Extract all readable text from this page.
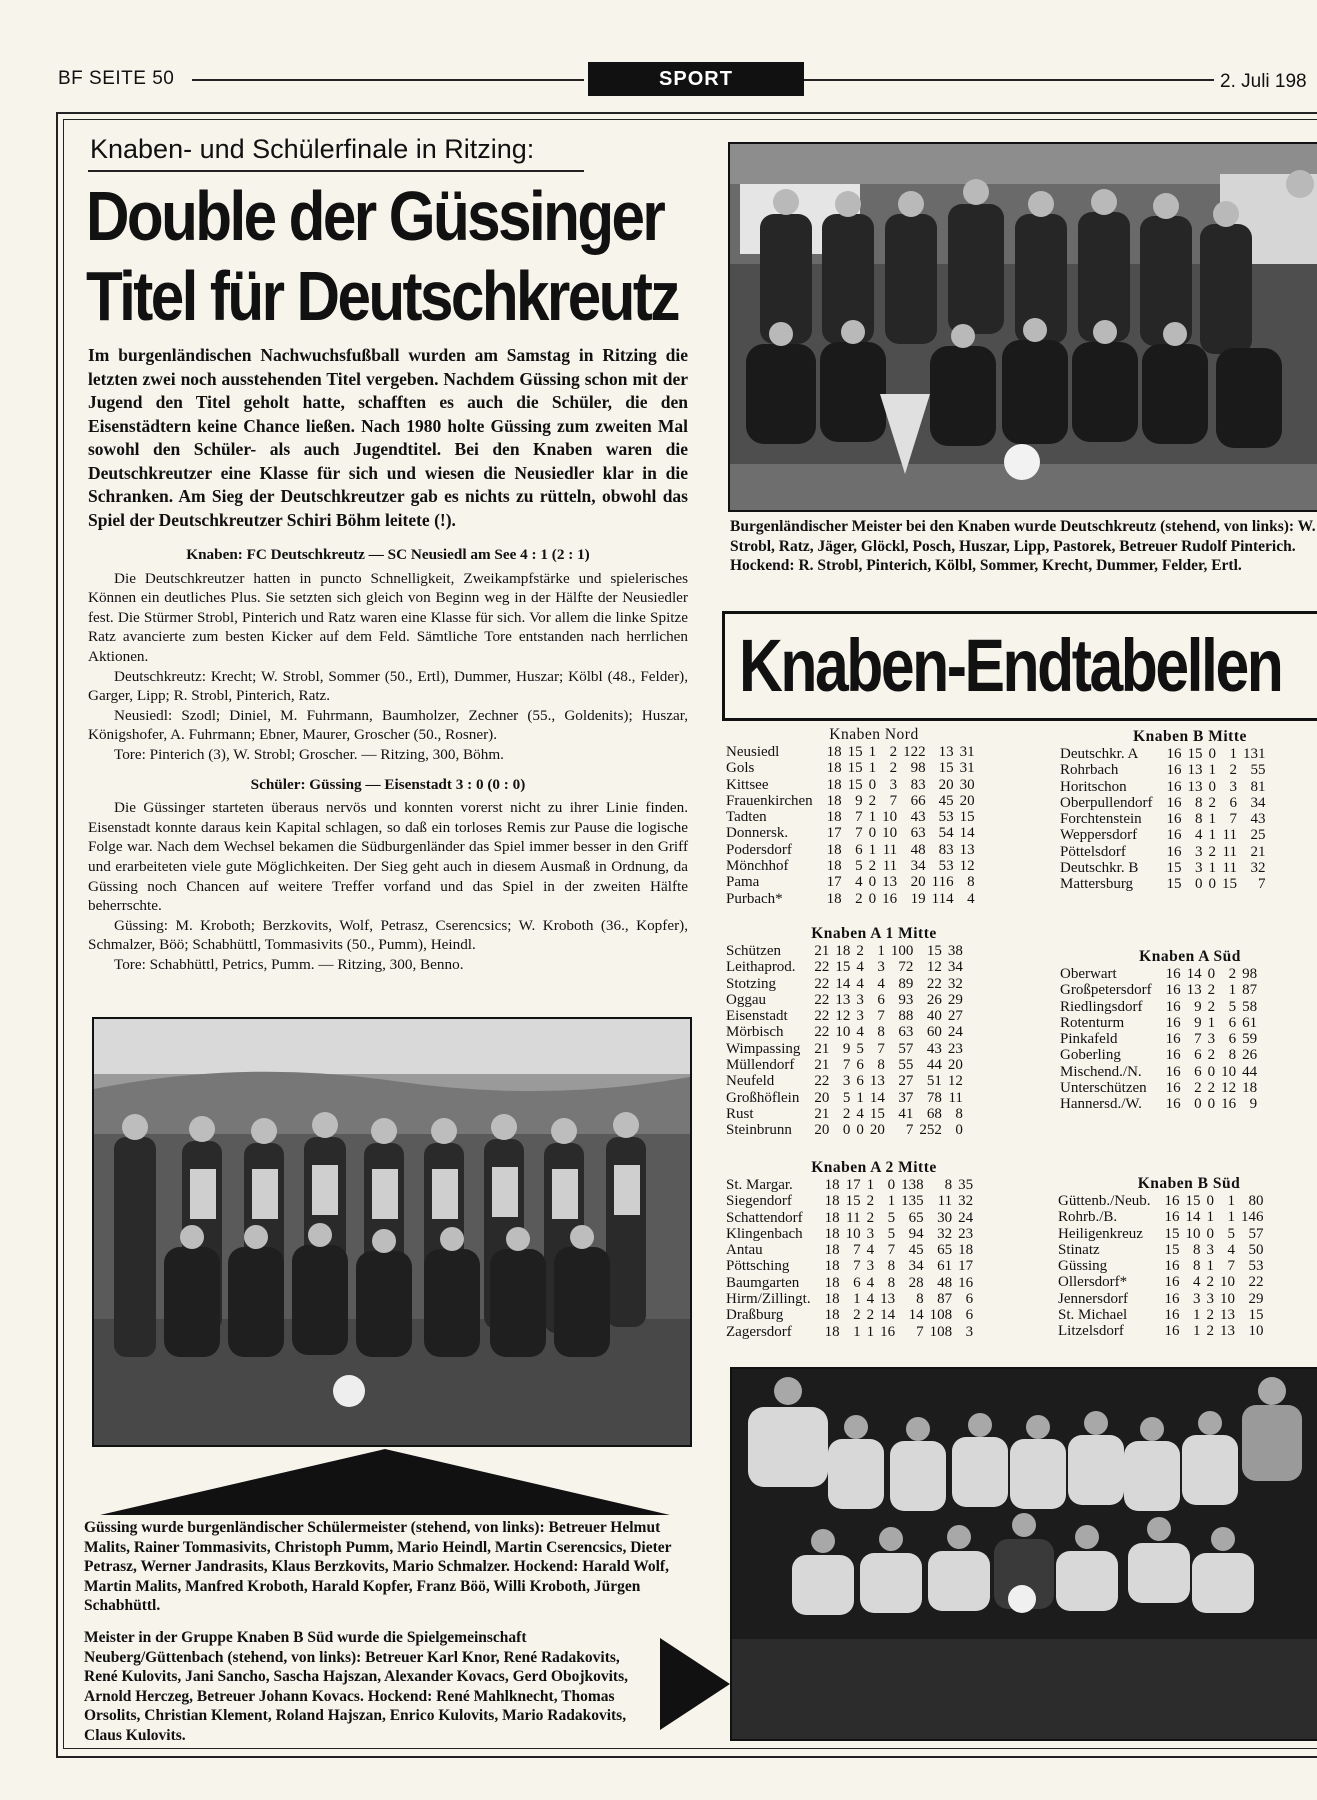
BF SEITE 50	SPORT	2. Juli 198
Knaben- und Schülerfinale in Ritzing:
Double der Güssinger
Titel für Deutschkreutz
Im burgenländischen Nachwuchsfußball wurden am Samstag in Ritzing die letzten zwei noch ausstehenden Titel vergeben. Nachdem Güssing schon mit der Jugend den Titel geholt hatte, schafften es auch die Schüler, die den Eisenstädtern keine Chance ließen. Nach 1980 holte Güssing zum zweiten Mal sowohl den Schüler- als auch Jugendtitel. Bei den Knaben waren die Deutschkreutzer eine Klasse für sich und wiesen die Neusiedler klar in die Schranken. Am Sieg der Deutschkreutzer gab es nichts zu rütteln, obwohl das Spiel der Deutschkreutzer Schiri Böhm leitete (!).

Knaben: FC Deutschkreutz — SC Neusiedl am See 4 : 1 (2 : 1)

Die Deutschkreutzer hatten in puncto Schnelligkeit, Zweikampfstärke und spielerisches Können ein deutliches Plus. Sie setzten sich gleich von Beginn weg in der Hälfte der Neusiedler fest. Die Stürmer Strobl, Pinterich und Ratz waren eine Klasse für sich. Vor allem die linke Spitze Ratz avancierte zum besten Kicker auf dem Feld. Sämtliche Tore entstanden nach herrlichen Aktionen.

Deutschkreutz: Krecht; W. Strobl, Sommer (50., Ertl), Dummer, Huszar; Kölbl (48., Felder), Garger, Lipp; R. Strobl, Pinterich, Ratz.

Neusiedl: Szodl; Diniel, M. Fuhrmann, Baumholzer, Zechner (55., Goldenits); Huszar, Königshofer, A. Fuhrmann; Ebner, Maurer, Groscher (50., Rosner).

Tore: Pinterich (3), W. Strobl; Groscher. — Ritzing, 300, Böhm.

Schüler: Güssing — Eisenstadt 3 : 0 (0 : 0)

Die Güssinger starteten überaus nervös und konnten vorerst nicht zu ihrer Linie finden. Eisenstadt konnte daraus kein Kapital schlagen, so daß ein torloses Remis zur Pause die logische Folge war. Nach dem Wechsel bekamen die Südburgenländer das Spiel immer besser in den Griff und erarbeiteten viele gute Möglichkeiten. Der Sieg geht auch in diesem Ausmaß in Ordnung, da Güssing noch Chancen auf weitere Treffer vorfand und das Spiel in der zweiten Hälfte beherrschte.

Güssing: M. Kroboth; Berzkovits, Wolf, Petrasz, Cserencsics; W. Kroboth (36., Kopfer), Schmalzer, Böö; Schabhüttl, Tommasivits (50., Pumm), Heindl.

Tore: Schabhüttl, Petrics, Pumm. — Ritzing, 300, Benno.

Güssing wurde burgenländischer Schülermeister (stehend, von links): Betreuer Helmut Malits, Rainer Tommasivits, Christoph Pumm, Mario Heindl, Martin Cserencsics, Dieter Petrasz, Werner Jandrasits, Klaus Berzkovits, Mario Schmalzer. Hockend: Harald Wolf, Martin Malits, Manfred Kroboth, Harald Kopfer, Franz Böö, Willi Kroboth, Jürgen Schabhüttl.
Meister in der Gruppe Knaben B Süd wurde die Spielgemeinschaft Neuberg/Güttenbach (stehend, von links): Betreuer Karl Knor, René Radakovits, René Kulovits, Jani Sancho, Sascha Hajszan, Alexander Kovacs, Gerd Obojkovits, Arnold Herczeg, Betreuer Johann Kovacs. Hockend: René Mahlknecht, Thomas Orsolits, Christian Klement, Roland Hajszan, Enrico Kulovits, Mario Radakovits, Claus Kulovits.
Burgenländischer Meister bei den Knaben wurde Deutschkreutz (stehend, von links): W. Strobl, Ratz, Jäger, Glöckl, Posch, Huszar, Lipp, Pastorek, Betreuer Rudolf Pinterich. Hockend: R. Strobl, Pinterich, Kölbl, Sommer, Krecht, Dummer, Felder, Ertl.
Knaben-Endtabellen
Knaben Nord
Neusiedl	18	15	1	2	122	13	31
Gols	18	15	1	2	98	15	31
Kittsee	18	15	0	3	83	20	30
Frauenkirchen	18	9	2	7	66	45	20
Tadten	18	7	1	10	43	53	15
Donnersk.	17	7	0	10	63	54	14
Podersdorf	18	6	1	11	48	83	13
Mönchhof	18	5	2	11	34	53	12
Pama	17	4	0	13	20	116	8
Purbach*	18	2	0	16	19	114	4
Knaben A 1 Mitte
Schützen	21	18	2	1	100	15	38
Leithaprod.	22	15	4	3	72	12	34
Stotzing	22	14	4	4	89	22	32
Oggau	22	13	3	6	93	26	29
Eisenstadt	22	12	3	7	88	40	27
Mörbisch	22	10	4	8	63	60	24
Wimpassing	21	9	5	7	57	43	23
Müllendorf	21	7	6	8	55	44	20
Neufeld	22	3	6	13	27	51	12
Großhöflein	20	5	1	14	37	78	11
Rust	21	2	4	15	41	68	8
Steinbrunn	20	0	0	20	7	252	0
Knaben A 2 Mitte
St. Margar.	18	17	1	0	138	8	35
Siegendorf	18	15	2	1	135	11	32
Schattendorf	18	11	2	5	65	30	24
Klingenbach	18	10	3	5	94	32	23
Antau	18	7	4	7	45	65	18
Pöttsching	18	7	3	8	34	61	17
Baumgarten	18	6	4	8	28	48	16
Hirm/Zillingt.	18	1	4	13	8	87	6
Draßburg	18	2	2	14	14	108	6
Zagersdorf	18	1	1	16	7	108	3
Knaben B Mitte
Deutschkr. A	16	15	0	1	131
Rohrbach	16	13	1	2	55
Horitschon	16	13	0	3	81
Oberpullendorf	16	8	2	6	34
Forchtenstein	16	8	1	7	43
Weppersdorf	16	4	1	11	25
Pöttelsdorf	16	3	2	11	21
Deutschkr. B	15	3	1	11	32
Mattersburg	15	0	0	15	7
Knaben A Süd
Oberwart	16	14	0	2	98
Großpetersdorf	16	13	2	1	87
Riedlingsdorf	16	9	2	5	58
Rotenturm	16	9	1	6	61
Pinkafeld	16	7	3	6	59
Goberling	16	6	2	8	26
Mischend./N.	16	6	0	10	44
Unterschützen	16	2	2	12	18
Hannersd./W.	16	0	0	16	9
Knaben B Süd
Güttenb./Neub.	16	15	0	1	80
Rohrb./B.	16	14	1	1	146
Heiligenkreuz	15	10	0	5	57
Stinatz	15	8	3	4	50
Güssing	16	8	1	7	53
Ollersdorf*	16	4	2	10	22
Jennersdorf	16	3	3	10	29
St. Michael	16	1	2	13	15
Litzelsdorf	16	1	2	13	10
